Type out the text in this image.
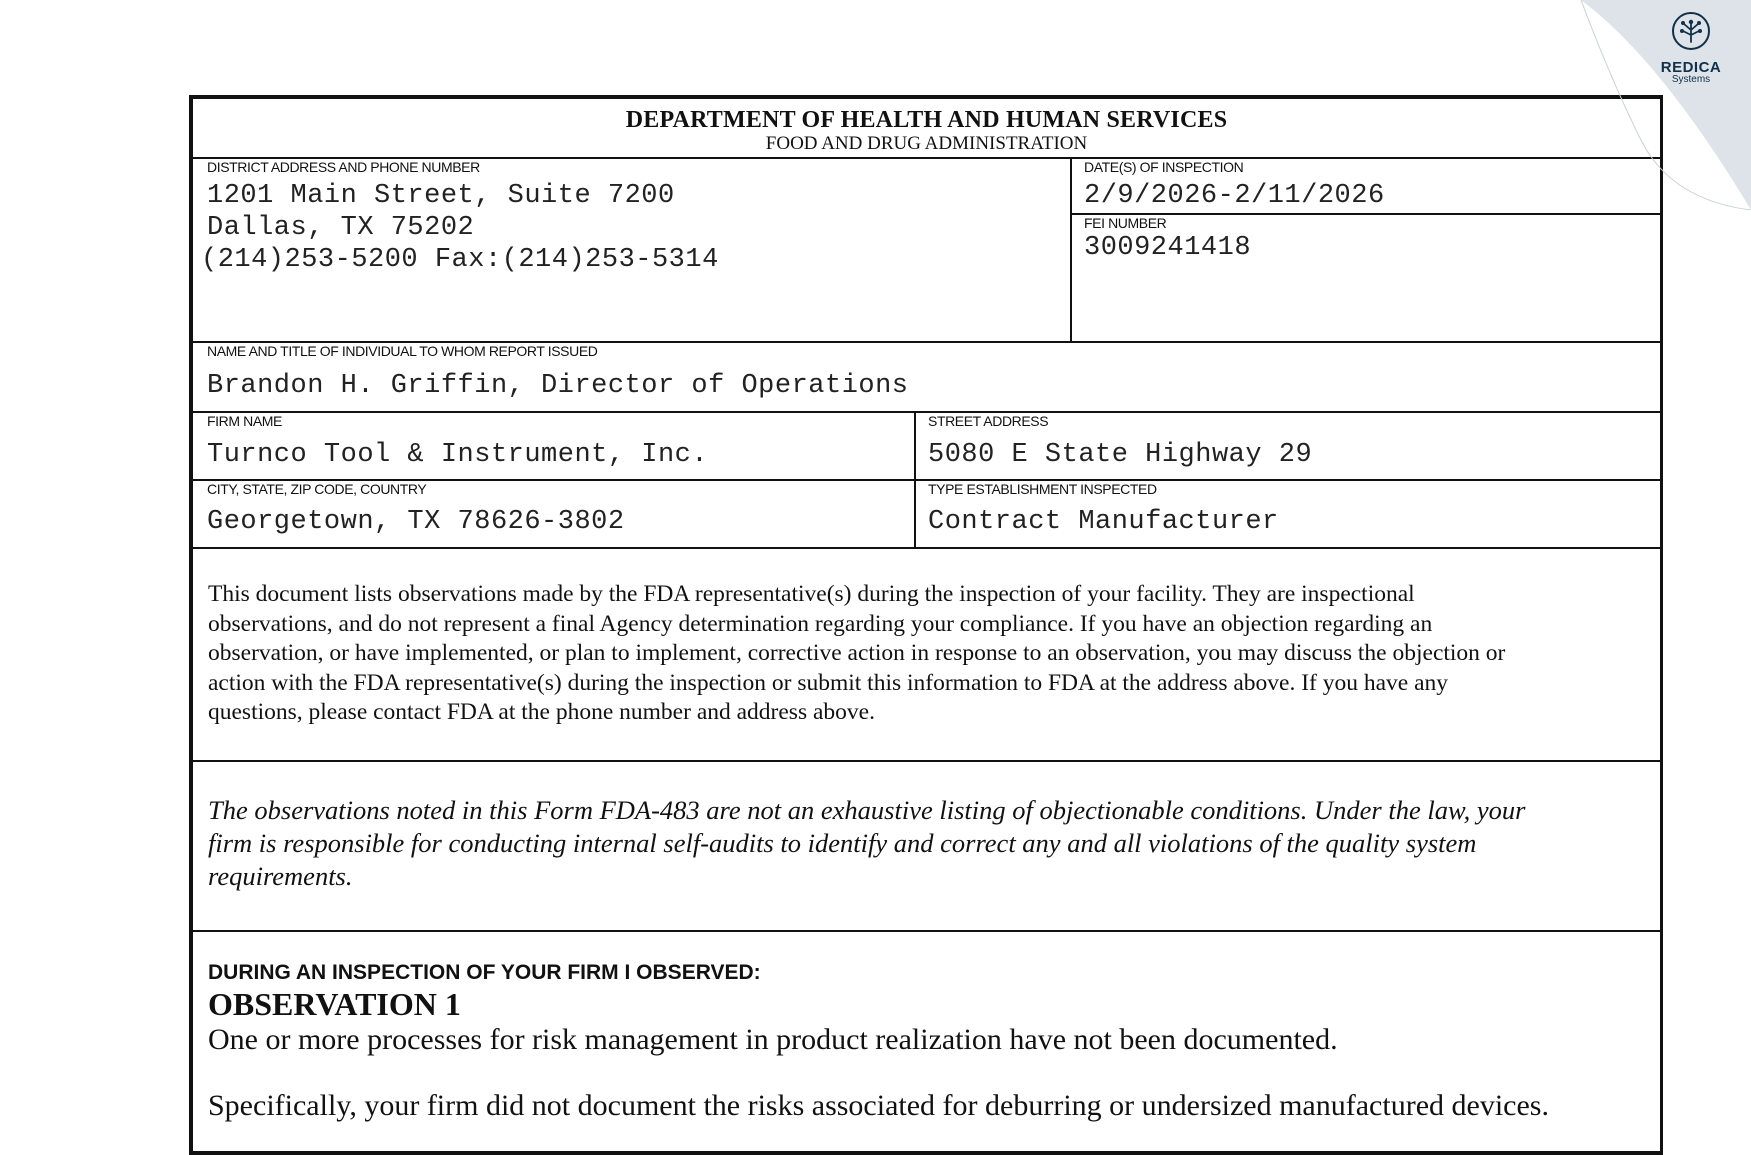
DEPARTMENT OF HEALTH AND HUMAN SERVICES
FOOD AND DRUG ADMINISTRATION
DISTRICT ADDRESS AND PHONE NUMBER
1201 Main Street, Suite 7200
Dallas, TX 75202
(214)253-5200 Fax:(214)253-5314
DATE(S) OF INSPECTION
2/9/2026-2/11/2026
FEI NUMBER
3009241418
NAME AND TITLE OF INDIVIDUAL TO WHOM REPORT ISSUED
Brandon H. Griffin, Director of Operations
FIRM NAME
Turnco Tool & Instrument, Inc.
STREET ADDRESS
5080 E State Highway 29
CITY, STATE, ZIP CODE, COUNTRY
Georgetown, TX 78626-3802
TYPE ESTABLISHMENT INSPECTED
Contract Manufacturer
This document lists observations made by the FDA representative(s) during the inspection of your facility. They are inspectional
observations, and do not represent a final Agency determination regarding your compliance. If you have an objection regarding an
observation, or have implemented, or plan to implement, corrective action in response to an observation, you may discuss the objection or
action with the FDA representative(s) during the inspection or submit this information to FDA at the address above. If you have any
questions, please contact FDA at the phone number and address above.
The observations noted in this Form FDA-483 are not an exhaustive listing of objectionable conditions. Under the law, your
firm is responsible for conducting internal self-audits to identify and correct any and all violations of the quality system
requirements.
DURING AN INSPECTION OF YOUR FIRM I OBSERVED:
OBSERVATION 1
One or more processes for risk management in product realization have not been documented.
Specifically, your firm did not document the risks associated for deburring or undersized manufactured devices.
REDICA
Systems
